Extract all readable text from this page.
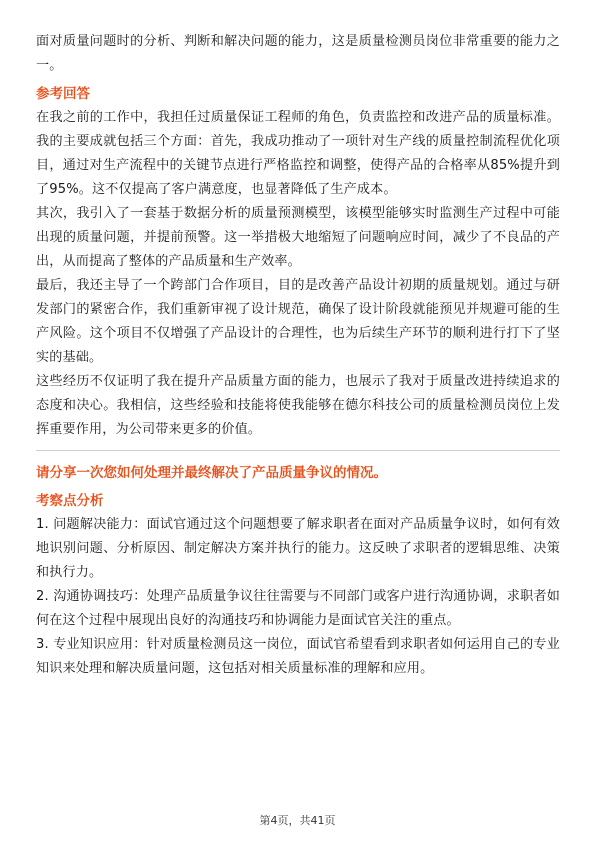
面对质量问题时的分析、判断和解决问题的能力，这是质量检测员岗位非常重要的能力之一。

参考回答

在我之前的工作中，我担任过质量保证工程师的角色，负责监控和改进产品的质量标准。我的主要成就包括三个方面：首先，我成功推动了一项针对生产线的质量控制流程优化项目，通过对生产流程中的关键节点进行严格监控和调整，使得产品的合格率从85%提升到了95%。这不仅提高了客户满意度，也显著降低了生产成本。

其次，我引入了一套基于数据分析的质量预测模型，该模型能够实时监测生产过程中可能出现的质量问题，并提前预警。这一举措极大地缩短了问题响应时间，减少了不良品的产出，从而提高了整体的产品质量和生产效率。

最后，我还主导了一个跨部门合作项目，目的是改善产品设计初期的质量规划。通过与研发部门的紧密合作，我们重新审视了设计规范，确保了设计阶段就能预见并规避可能的生产风险。这个项目不仅增强了产品设计的合理性，也为后续生产环节的顺利进行打下了坚实的基础。

这些经历不仅证明了我在提升产品质量方面的能力，也展示了我对于质量改进持续追求的态度和决心。我相信，这些经验和技能将使我能够在德尔科技公司的质量检测员岗位上发挥重要作用，为公司带来更多的价值。

请分享一次您如何处理并最终解决了产品质量争议的情况。

考察点分析

1. 问题解决能力：面试官通过这个问题想要了解求职者在面对产品质量争议时，如何有效地识别问题、分析原因、制定解决方案并执行的能力。这反映了求职者的逻辑思维、决策和执行力。

2. 沟通协调技巧：处理产品质量争议往往需要与不同部门或客户进行沟通协调，求职者如何在这个过程中展现出良好的沟通技巧和协调能力是面试官关注的重点。

3. 专业知识应用：针对质量检测员这一岗位，面试官希望看到求职者如何运用自己的专业知识来处理和解决质量问题，这包括对相关质量标准的理解和应用。

第4页，共41页
